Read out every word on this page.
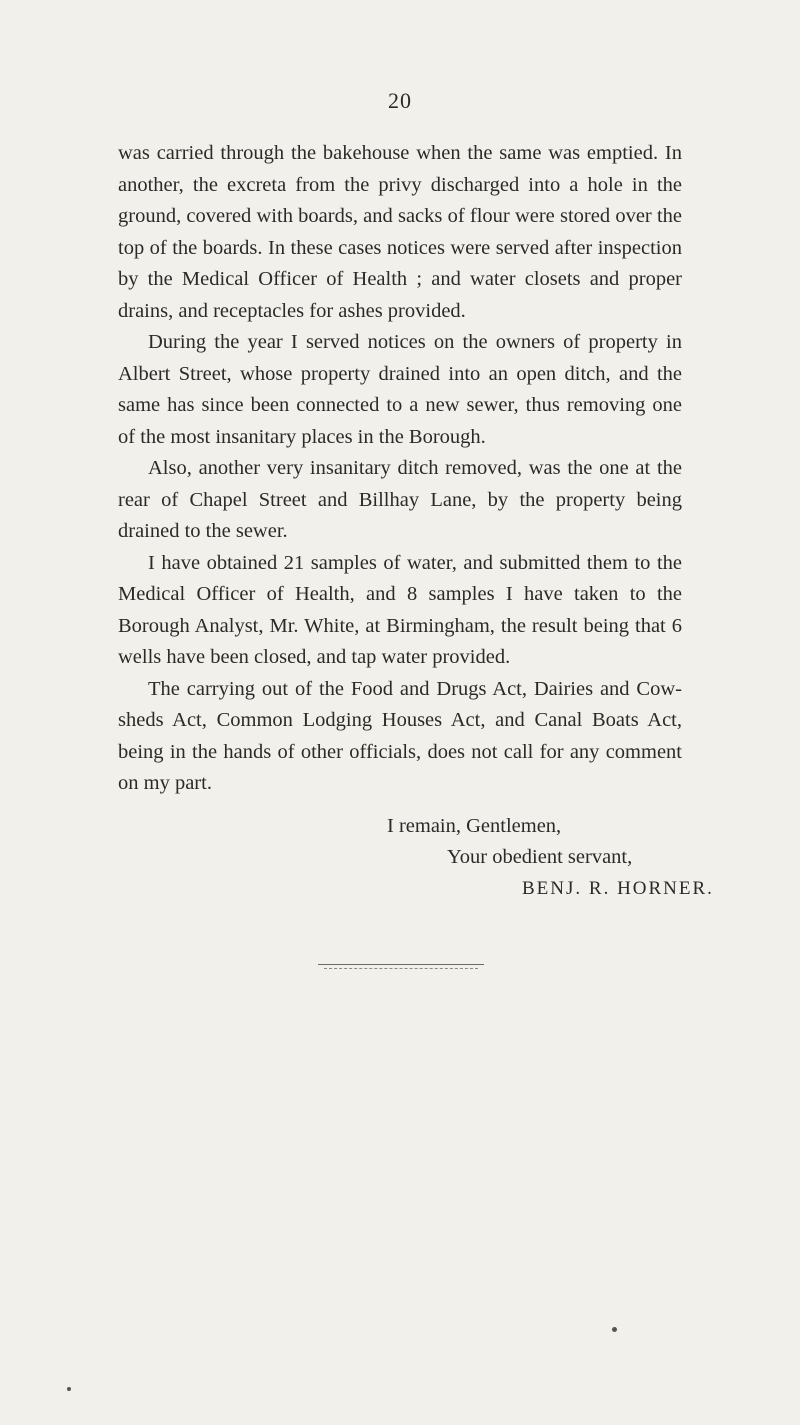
20

was carried through the bakehouse when the same was emptied. In another, the excreta from the privy discharged into a hole in the ground, covered with boards, and sacks of flour were stored over the top of the boards. In these cases notices were served after inspection by the Medical Officer of Health ; and water closets and proper drains, and receptacles for ashes provided.

During the year I served notices on the owners of property in Albert Street, whose property drained into an open ditch, and the same has since been connected to a new sewer, thus removing one of the most insanitary places in the Borough.

Also, another very insanitary ditch removed, was the one at the rear of Chapel Street and Billhay Lane, by the property being drained to the sewer.

I have obtained 21 samples of water, and submitted them to the Medical Officer of Health, and 8 samples I have taken to the Borough Analyst, Mr. White, at Birmingham, the result being that 6 wells have been closed, and tap water provided.

The carrying out of the Food and Drugs Act, Dairies and Cow-sheds Act, Common Lodging Houses Act, and Canal Boats Act, being in the hands of other officials, does not call for any comment on my part.

I remain, Gentlemen,
Your obedient servant,
BENJ. R. HORNER.
